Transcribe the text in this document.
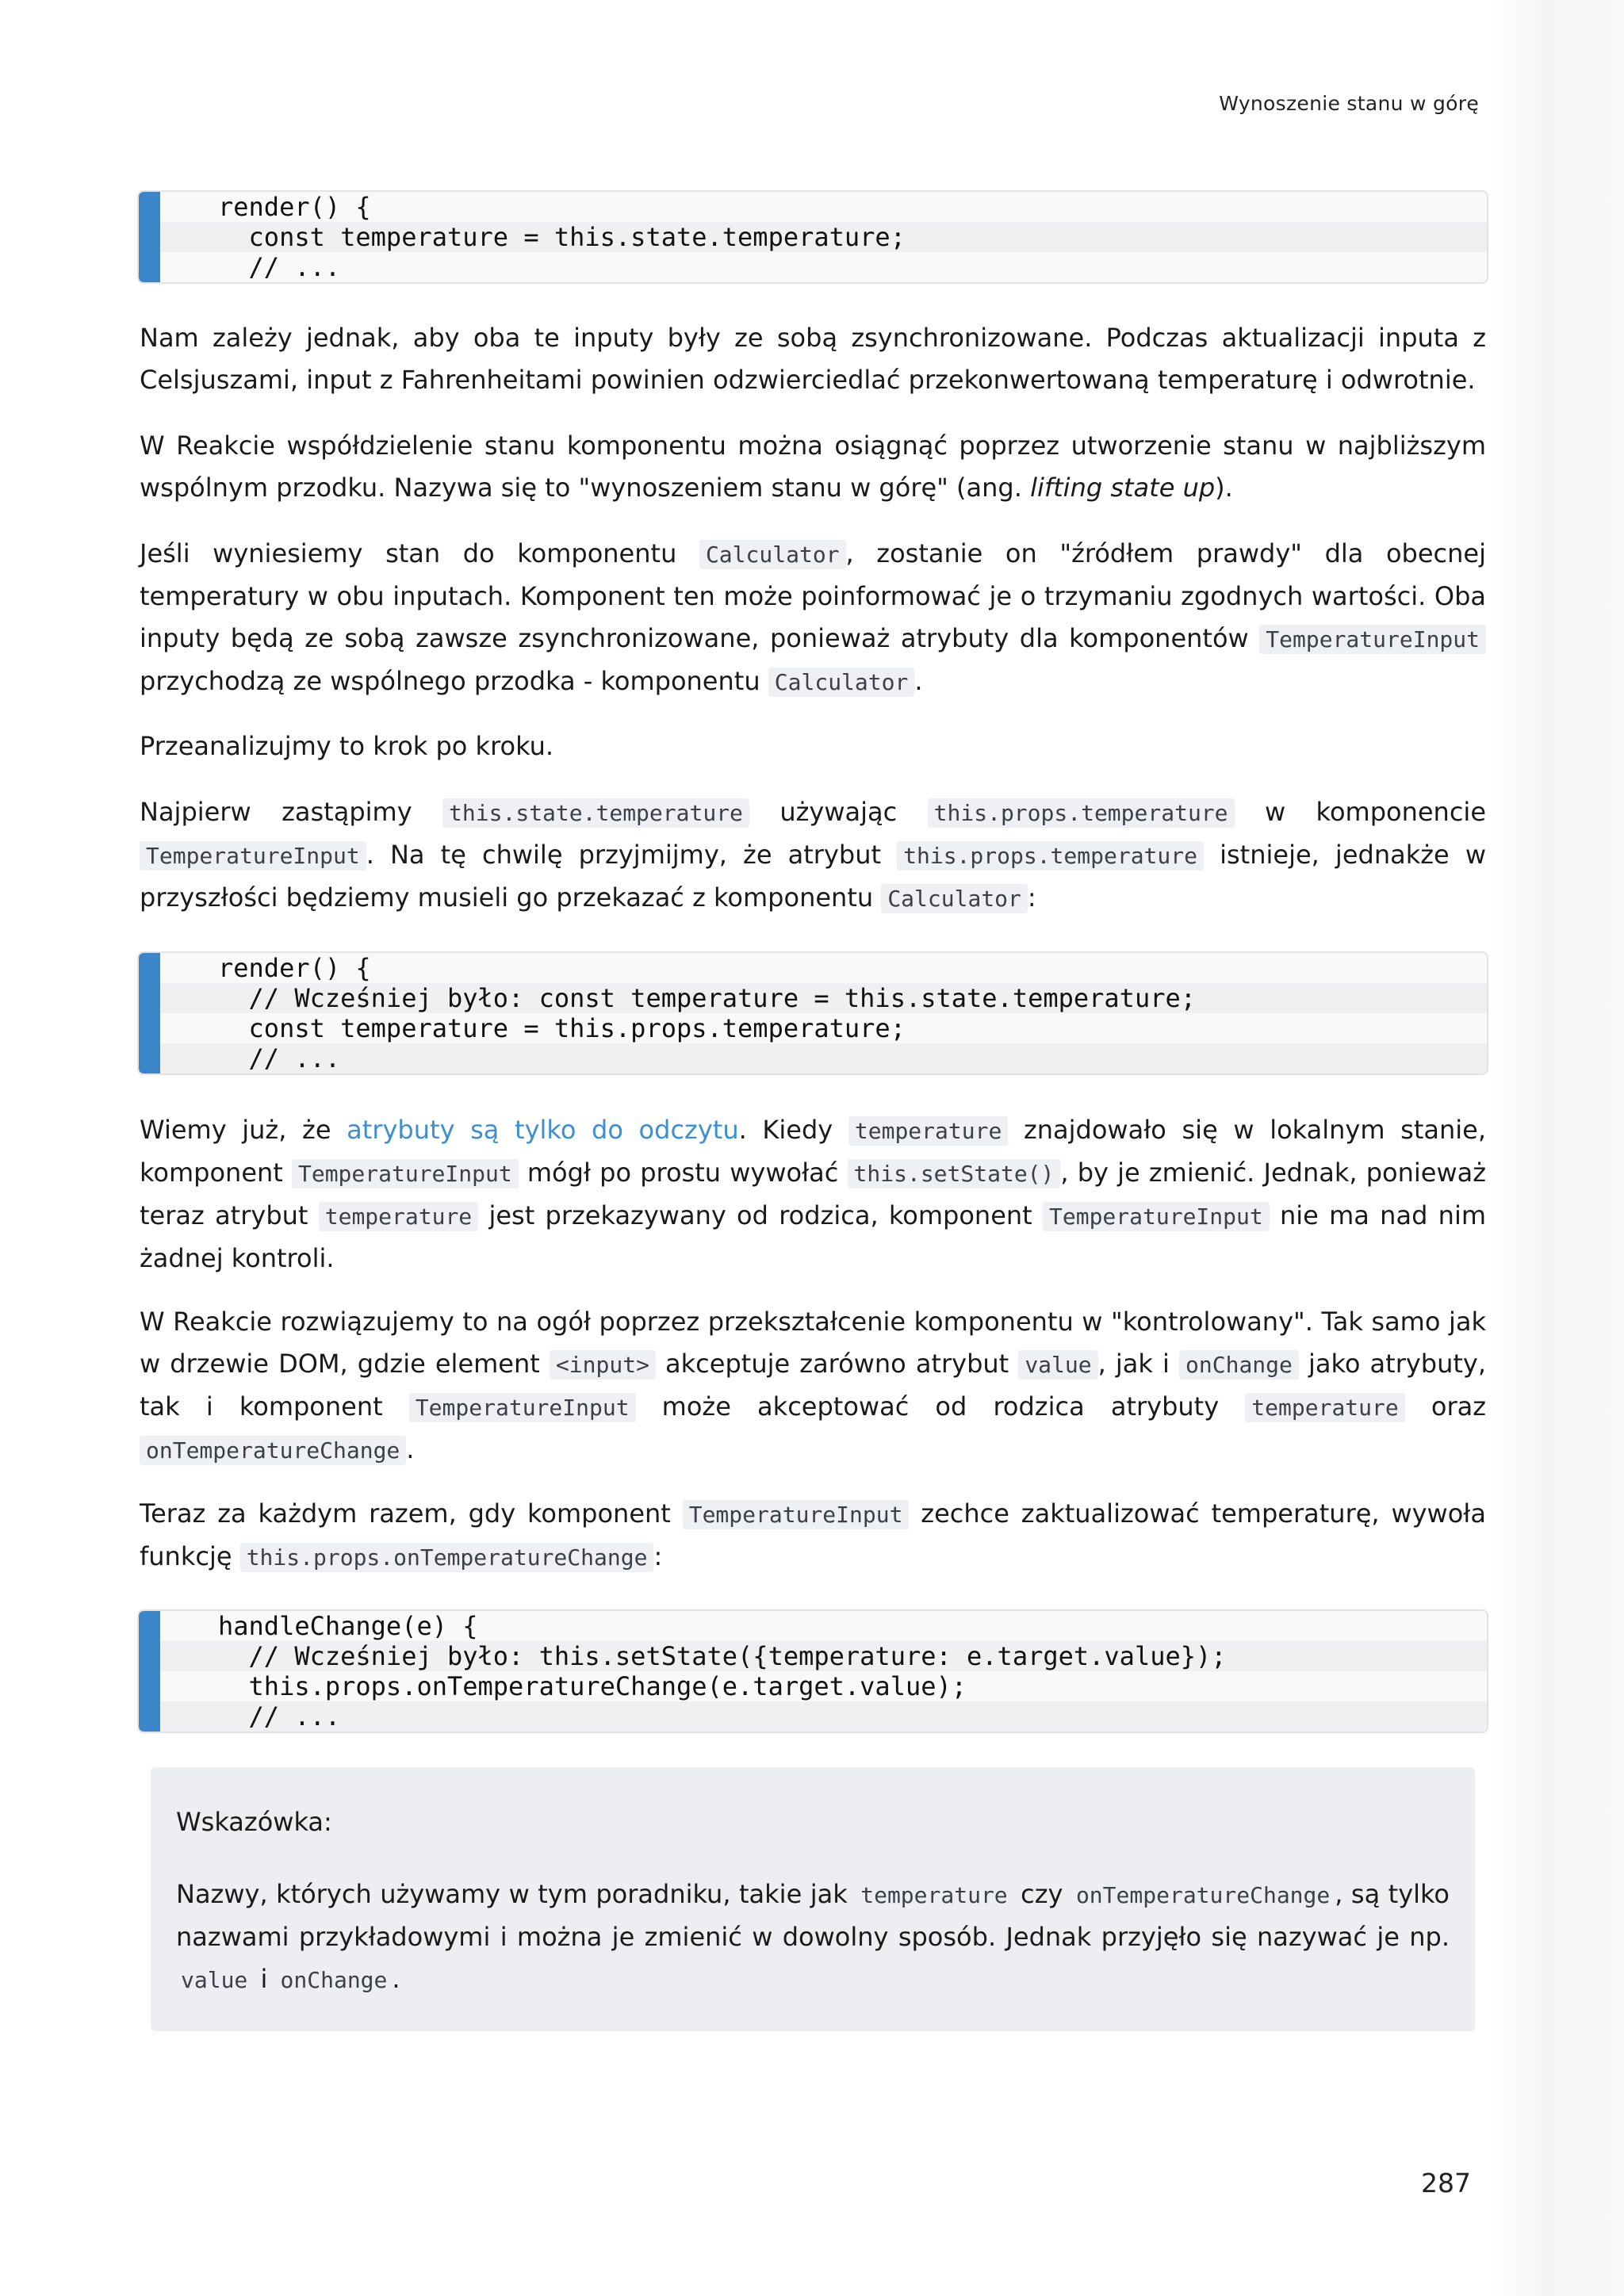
Wynoszenie stanu w górę
render() {
const temperature = this.state.temperature;
// ...

Nam zależy jednak, aby oba te inputy były ze sobą zsynchronizowane. Podczas aktualizacji inputa z Celsjuszami, input z Fahrenheitami powinien odzwierciedlać przekonwertowaną temperaturę i odwrotnie.

W Reakcie współdzielenie stanu komponentu można osiągnąć poprzez utworzenie stanu w najbliższym wspólnym przodku. Nazywa się to "wynoszeniem stanu w górę" (ang. lifting state up).

Jeśli wyniesiemy stan do komponentu Calculator , zostanie on "źródłem prawdy" dla obecnej temperatury w obu inputach. Komponent ten może poinformować je o trzymaniu zgodnych wartości. Oba inputy będą ze sobą zawsze zsynchronizowane, ponieważ atrybuty dla komponentów TemperatureInput przychodzą ze wspólnego przodka - komponentu Calculator .

Przeanalizujmy to krok po kroku.

Najpierw zastąpimy this.state.temperature używając this.props.temperature w komponencie TemperatureInput . Na tę chwilę przyjmijmy, że atrybut this.props.temperature istnieje, jednakże w przyszłości będziemy musieli go przekazać z komponentu Calculator :

render() {
// Wcześniej było: const temperature = this.state.temperature;
const temperature = this.props.temperature;
// ...

Wiemy już, że atrybuty są tylko do odczytu. Kiedy temperature znajdowało się w lokalnym stanie, komponent TemperatureInput mógł po prostu wywołać this.setState() , by je zmienić. Jednak, ponieważ teraz atrybut temperature jest przekazywany od rodzica, komponent TemperatureInput nie ma nad nim żadnej kontroli.

W Reakcie rozwiązujemy to na ogół poprzez przekształcenie komponentu w "kontrolowany". Tak samo jak w drzewie DOM, gdzie element <input> akceptuje zarówno atrybut value , jak i onChange jako atrybuty, tak i komponent TemperatureInput może akceptować od rodzica atrybuty temperature oraz onTemperatureChange .

Teraz za każdym razem, gdy komponent TemperatureInput zechce zaktualizować temperaturę, wywoła funkcję this.props.onTemperatureChange :

handleChange(e) {
// Wcześniej było: this.setState({temperature: e.target.value});
this.props.onTemperatureChange(e.target.value);
// ...
Wskazówka:

Nazwy, których używamy w tym poradniku, takie jak temperature czy onTemperatureChange , są tylko nazwami przykładowymi i można je zmienić w dowolny sposób. Jednak przyjęło się nazywać je np. value i onChange .

287
